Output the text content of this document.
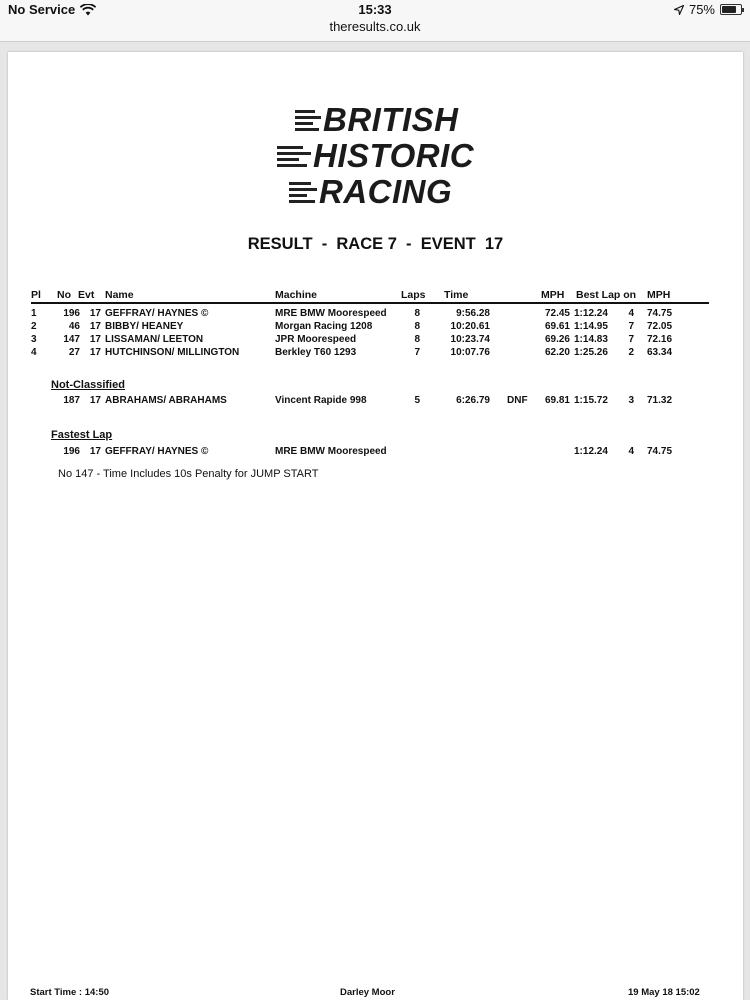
No Service	15:33
theresults.co.uk
75%
BRITISH
HISTORIC
RACING
RESULT  -  RACE 7  -  EVENT  17
Pl No Evt Name	Machine	Laps Time	MPH Best Lap on MPH
1	196 17 GEFFRAY/ HAYNES ©	MRE BMW Moorespeed	8	9:56.28	72.45 1:12.24	4 74.75
2	46 17 BIBBY/ HEANEY	Morgan Racing 1208	8	10:20.61	69.61 1:14.95	7 72.05
3	147 17 LISSAMAN/ LEETON	JPR Moorespeed	8	10:23.74	69.26 1:14.83	7 72.16
4	27 17 HUTCHINSON/ MILLINGTON	Berkley T60 1293	7	10:07.76	62.20 1:25.26	2 63.34
Not-Classified
187 17 ABRAHAMS/ ABRAHAMS	Vincent Rapide 998	5	6:26.79 DNF	69.81 1:15.72	3 71.32
Fastest Lap
196 17 GEFFRAY/ HAYNES ©	MRE BMW Moorespeed	1:12.24	4 74.75
No 147 - Time Includes 10s Penalty for JUMP START
Start Time : 14:50	Darley Moor	19 May 18 15:02
